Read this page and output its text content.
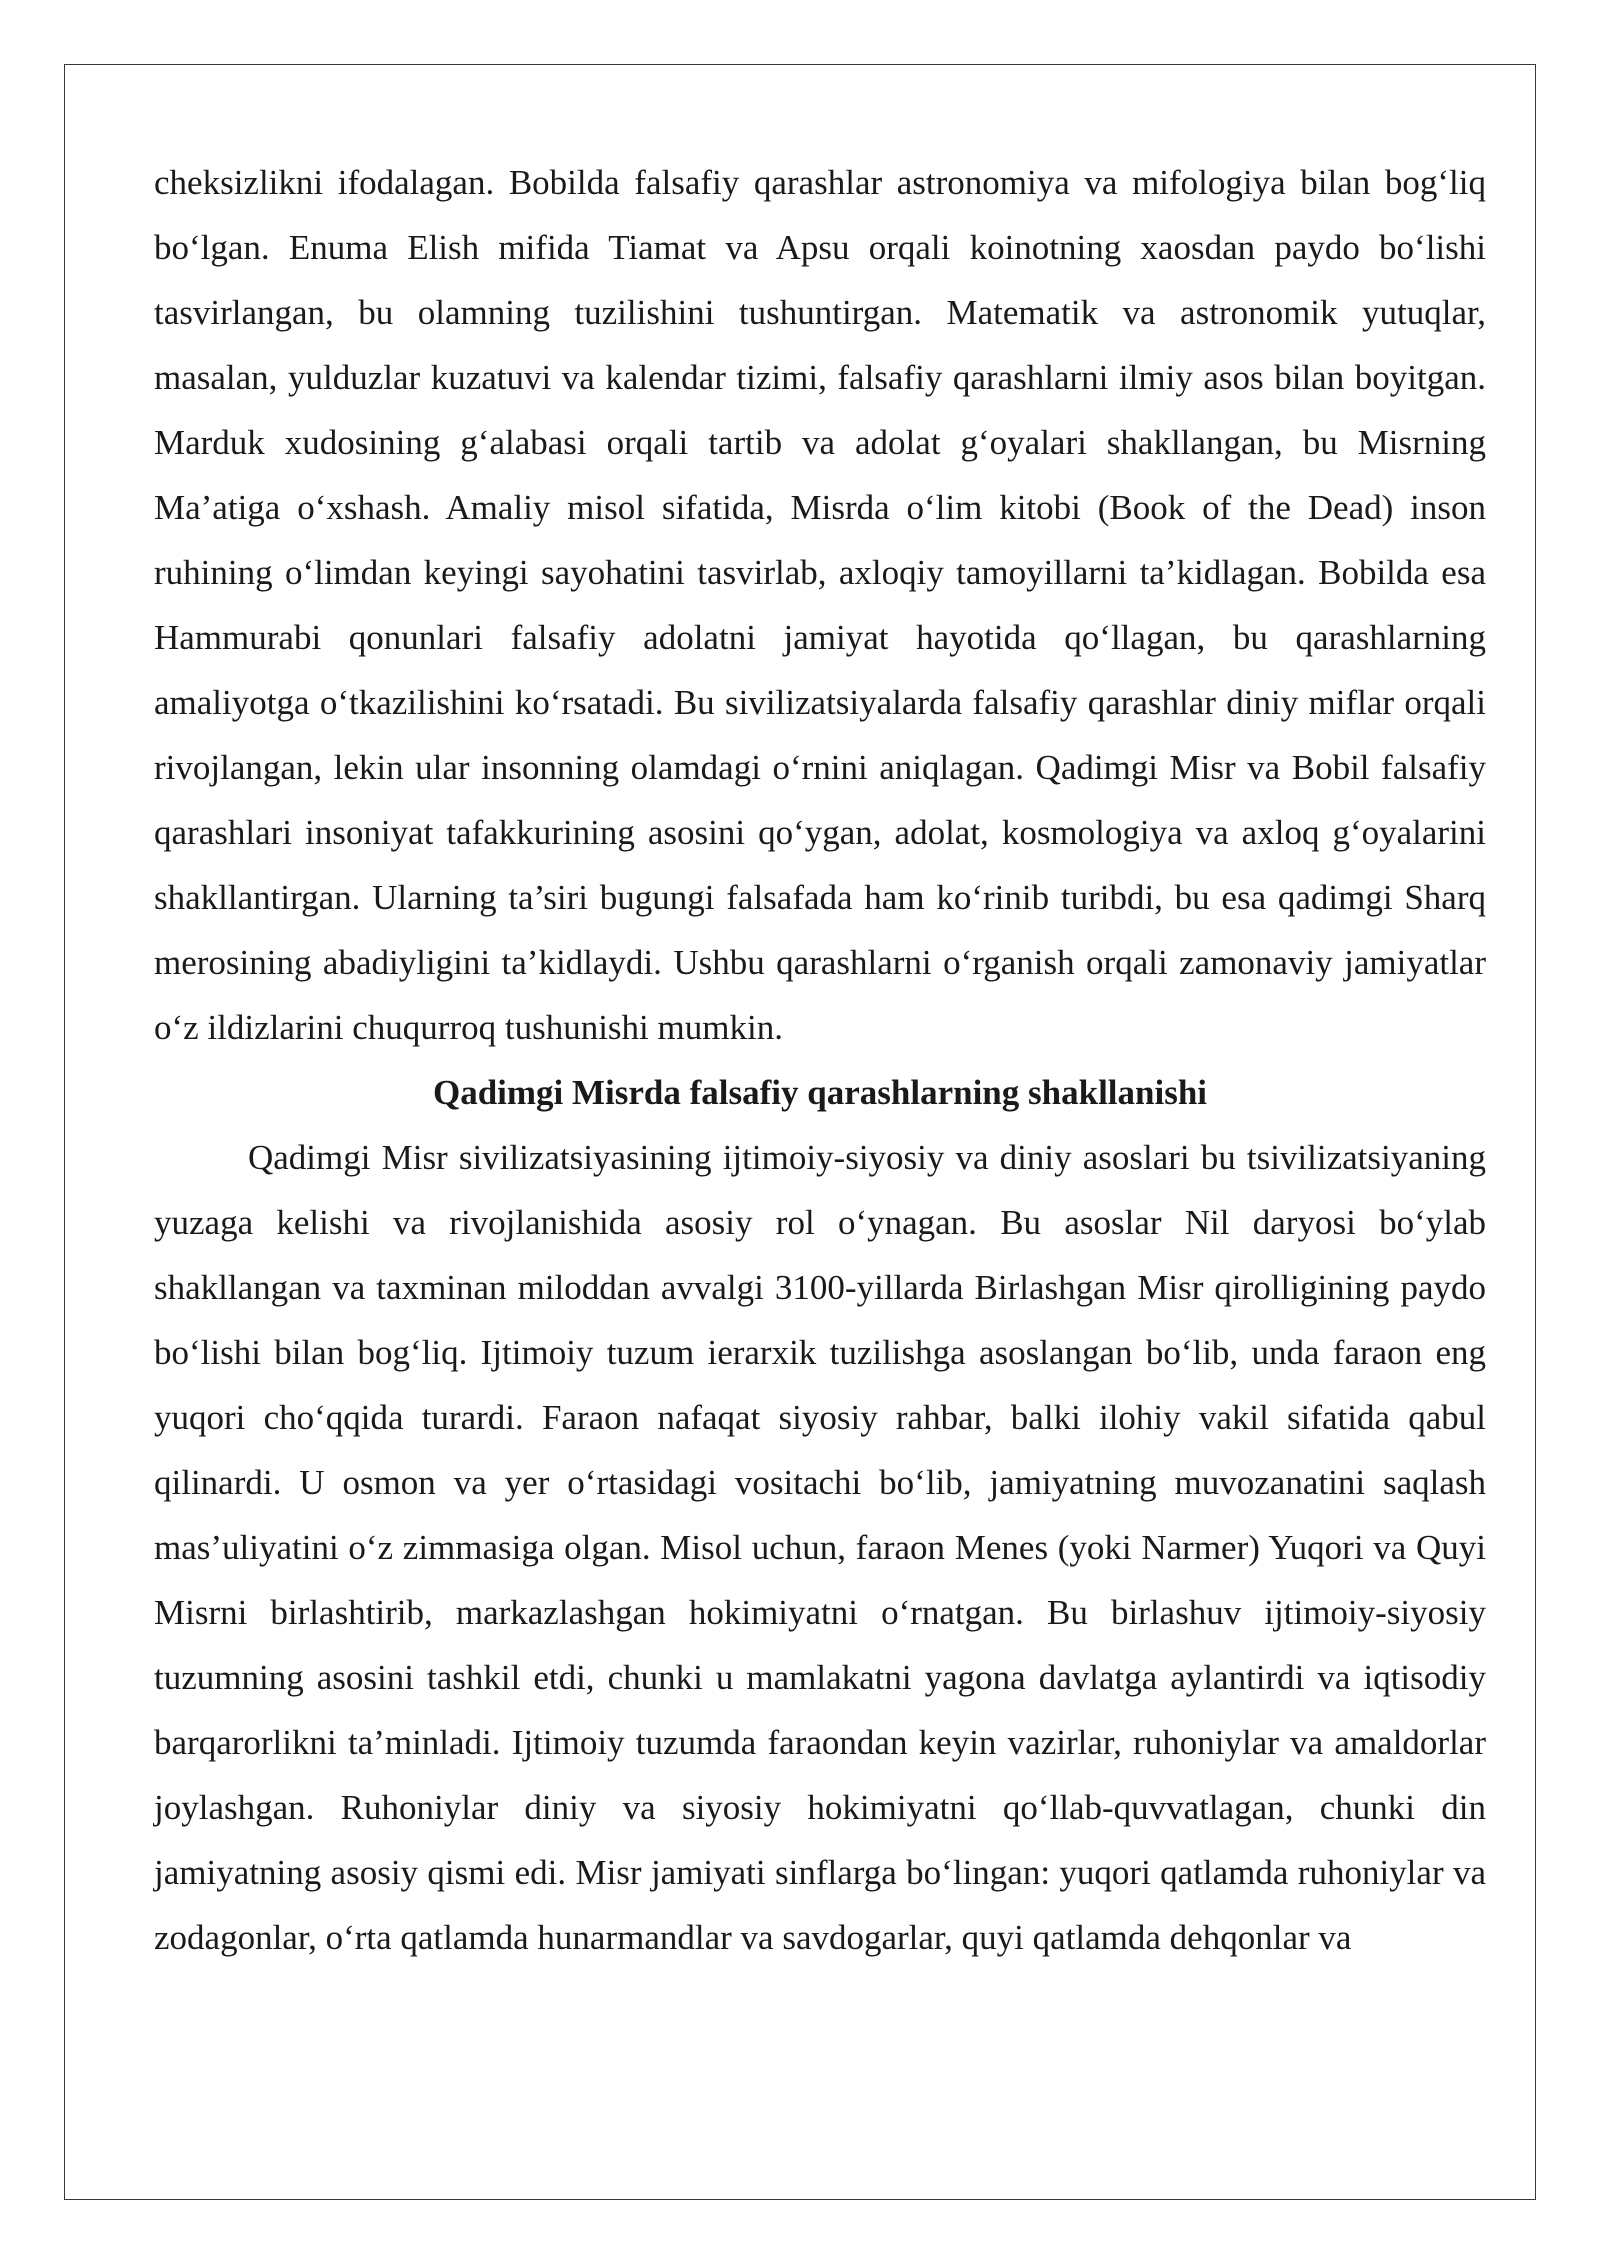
cheksizlikni ifodalagan. Bobilda falsafiy qarashlar astronomiya va mifologiya bilan bog‘liq bo‘lgan. Enuma Elish mifida Tiamat va Apsu orqali koinotning xaosdan paydo bo‘lishi tasvirlangan, bu olamning tuzilishini tushuntirgan. Matematik va astronomik yutuqlar, masalan, yulduzlar kuzatuvi va kalendar tizimi, falsafiy qarashlarni ilmiy asos bilan boyitgan. Marduk xudosining g‘alabasi orqali tartib va adolat g‘oyalari shakllangan, bu Misrning Ma’atiga o‘xshash. Amaliy misol sifatida, Misrda o‘lim kitobi (Book of the Dead) inson ruhining o‘limdan keyingi sayohatini tasvirlab, axloqiy tamoyillarni ta’kidlagan. Bobilda esa Hammurabi qonunlari falsafiy adolatni jamiyat hayotida qo‘llagan, bu qarashlarning amaliyotga o‘tkazilishini ko‘rsatadi. Bu sivilizatsiyalarda falsafiy qarashlar diniy miflar orqali rivojlangan, lekin ular insonning olamdagi o‘rnini aniqlagan. Qadimgi Misr va Bobil falsafiy qarashlari insoniyat tafakkurining asosini qo‘ygan, adolat, kosmologiya va axloq g‘oyalarini shakllantirgan. Ularning ta’siri bugungi falsafada ham ko‘rinib turibdi, bu esa qadimgi Sharq merosining abadiyligini ta’kidlaydi. Ushbu qarashlarni o‘rganish orqali zamonaviy jamiyatlar o‘z ildizlarini chuqurroq tushunishi mumkin.

Qadimgi Misrda falsafiy qarashlarning shakllanishi

Qadimgi Misr sivilizatsiyasining ijtimoiy-siyosiy va diniy asoslari bu tsivilizatsiyaning yuzaga kelishi va rivojlanishida asosiy rol o‘ynagan. Bu asoslar Nil daryosi bo‘ylab shakllangan va taxminan miloddan avvalgi 3100-yillarda Birlashgan Misr qirolligining paydo bo‘lishi bilan bog‘liq. Ijtimoiy tuzum ierarxik tuzilishga asoslangan bo‘lib, unda faraon eng yuqori cho‘qqida turardi. Faraon nafaqat siyosiy rahbar, balki ilohiy vakil sifatida qabul qilinardi. U osmon va yer o‘rtasidagi vositachi bo‘lib, jamiyatning muvozanatini saqlash mas’uliyatini o‘z zimmasiga olgan. Misol uchun, faraon Menes (yoki Narmer) Yuqori va Quyi Misrni birlashtirib, markazlashgan hokimiyatni o‘rnatgan. Bu birlashuv ijtimoiy-siyosiy tuzumning asosini tashkil etdi, chunki u mamlakatni yagona davlatga aylantirdi va iqtisodiy barqarorlikni ta’minladi. Ijtimoiy tuzumda faraondan keyin vazirlar, ruhoniylar va amaldorlar joylashgan. Ruhoniylar diniy va siyosiy hokimiyatni qo‘llab-quvvatlagan, chunki din jamiyatning asosiy qismi edi. Misr jamiyati sinflarga bo‘lingan: yuqori qatlamda ruhoniylar va zodagonlar, o‘rta qatlamda hunarmandlar va savdogarlar, quyi qatlamda dehqonlar va
